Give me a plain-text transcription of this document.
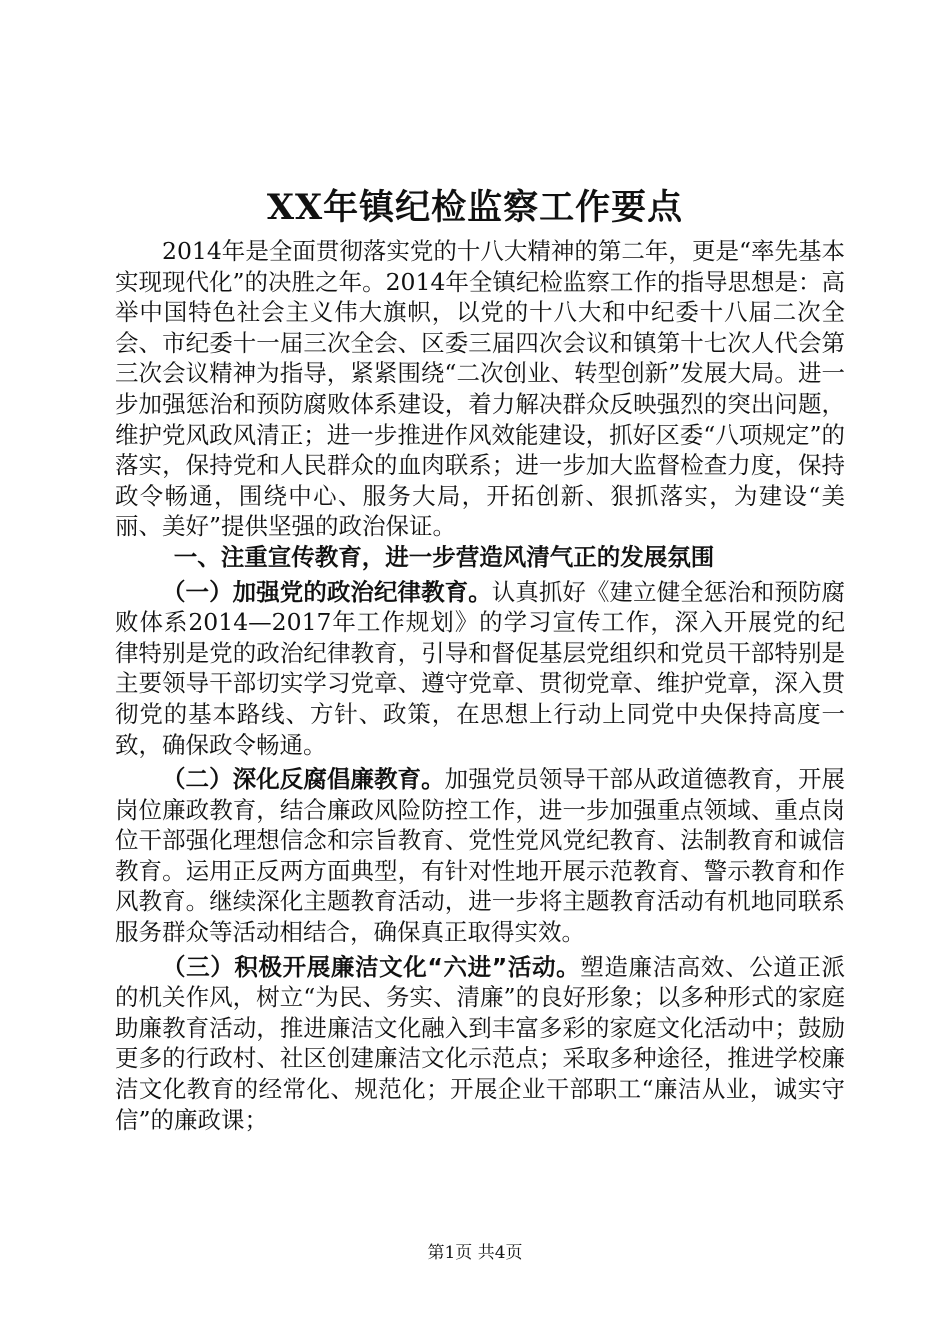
XX年镇纪检监察工作要点

2014年是全面贯彻落实党的十八大精神的第二年，更是“率先基本实现现代化”的决胜之年。2014年全镇纪检监察工作的指导思想是：高举中国特色社会主义伟大旗帜，以党的十八大和中纪委十八届二次全会、市纪委十一届三次全会、区委三届四次会议和镇第十七次人代会第三次会议精神为指导，紧紧围绕“二次创业、转型创新”发展大局。进一步加强惩治和预防腐败体系建设，着力解决群众反映强烈的突出问题，维护党风政风清正；进一步推进作风效能建设，抓好区委“八项规定”的落实，保持党和人民群众的血肉联系；进一步加大监督检查力度，保持政令畅通，围绕中心、服务大局，开拓创新、狠抓落实，为建设“美丽、美好”提供坚强的政治保证。

一、注重宣传教育，进一步营造风清气正的发展氛围

（一）加强党的政治纪律教育。认真抓好《建立健全惩治和预防腐败体系2014—2017年工作规划》的学习宣传工作，深入开展党的纪律特别是党的政治纪律教育，引导和督促基层党组织和党员干部特别是主要领导干部切实学习党章、遵守党章、贯彻党章、维护党章，深入贯彻党的基本路线、方针、政策，在思想上行动上同党中央保持高度一致，确保政令畅通。

（二）深化反腐倡廉教育。加强党员领导干部从政道德教育，开展岗位廉政教育，结合廉政风险防控工作，进一步加强重点领域、重点岗位干部强化理想信念和宗旨教育、党性党风党纪教育、法制教育和诚信教育。运用正反两方面典型，有针对性地开展示范教育、警示教育和作风教育。继续深化主题教育活动，进一步将主题教育活动有机地同联系服务群众等活动相结合，确保真正取得实效。

（三）积极开展廉洁文化“六进”活动。塑造廉洁高效、公道正派的机关作风，树立“为民、务实、清廉”的良好形象；以多种形式的家庭助廉教育活动，推进廉洁文化融入到丰富多彩的家庭文化活动中；鼓励更多的行政村、社区创建廉洁文化示范点；采取多种途径，推进学校廉洁文化教育的经常化、规范化；开展企业干部职工“廉洁从业，诚实守信”的廉政课；

第1页 共4页
